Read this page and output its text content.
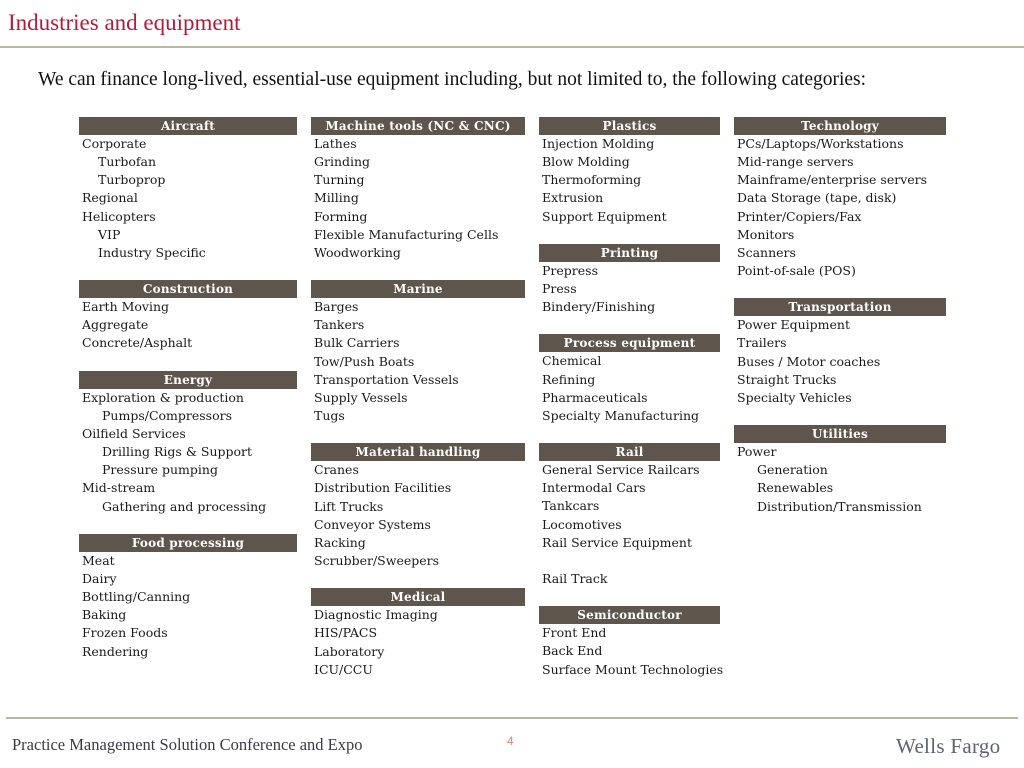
Industries and equipment
We can finance long-lived, essential-use equipment including, but not limited to, the following categories:
Aircraft
Corporate
Turbofan
Turboprop
Regional
Helicopters
VIP
Industry Specific
Construction
Earth Moving
Aggregate
Concrete/Asphalt
Energy
Exploration & production
Pumps/Compressors
Oilfield Services
Drilling Rigs & Support
Pressure pumping
Mid-stream
Gathering and processing
Food processing
Meat
Dairy
Bottling/Canning
Baking
Frozen Foods
Rendering
Machine tools (NC & CNC)
Lathes
Grinding
Turning
Milling
Forming
Flexible Manufacturing Cells
Woodworking
Marine
Barges
Tankers
Bulk Carriers
Tow/Push Boats
Transportation Vessels
Supply Vessels
Tugs
Material handling
Cranes
Distribution Facilities
Lift Trucks
Conveyor Systems
Racking
Scrubber/Sweepers
Medical
Diagnostic Imaging
HIS/PACS
Laboratory
ICU/CCU
Plastics
Injection Molding
Blow Molding
Thermoforming
Extrusion
Support Equipment
Printing
Prepress
Press
Bindery/Finishing
Process equipment
Chemical
Refining
Pharmaceuticals
Specialty Manufacturing
Rail
General Service Railcars
Intermodal Cars
Tankcars
Locomotives
Rail Service Equipment
Rail Track
Semiconductor
Front End
Back End
Surface Mount Technologies
Technology
PCs/Laptops/Workstations
Mid-range servers
Mainframe/enterprise servers
Data Storage (tape, disk)
Printer/Copiers/Fax
Monitors
Scanners
Point-of-sale (POS)
Transportation
Power Equipment
Trailers
Buses / Motor coaches
Straight Trucks
Specialty Vehicles
Utilities
Power
Generation
Renewables
Distribution/Transmission
Practice Management Solution Conference and Expo	4	Wells Fargo
